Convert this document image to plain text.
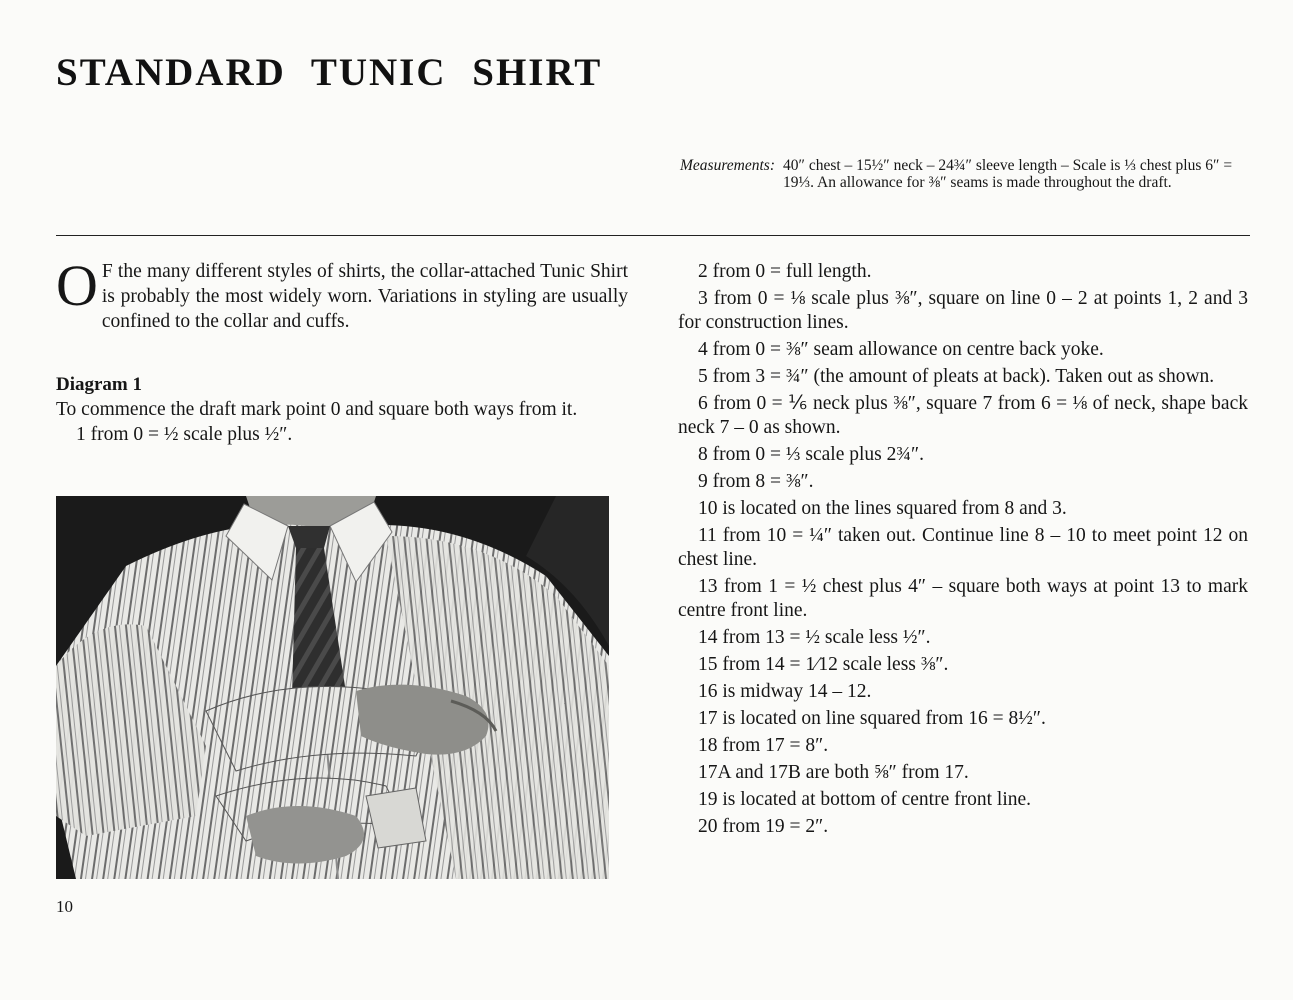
STANDARD TUNIC SHIRT
Measurements: 40″ chest – 15½″ neck – 24¾″ sleeve length – Scale is ⅓ chest plus 6″ = 19⅓. An allowance for ⅜″ seams is made throughout the draft.

O F the many different styles of shirts, the collar-attached Tunic Shirt is probably the most widely worn. Variations in styling are usually confined to the collar and cuffs.

Diagram 1

To commence the draft mark point 0 and square both ways from it.

1 from 0 = ½ scale plus ½″.

2 from 0 = full length.

3 from 0 = ⅛ scale plus ⅜″, square on line 0 – 2 at points 1, 2 and 3 for construction lines.

4 from 0 = ⅜″ seam allowance on centre back yoke.

5 from 3 = ¾″ (the amount of pleats at back). Taken out as shown.

6 from 0 = ⅙ neck plus ⅜″, square 7 from 6 = ⅛ of neck, shape back neck 7 – 0 as shown.

8 from 0 = ⅓ scale plus 2¾″.

9 from 8 = ⅜″.

10 is located on the lines squared from 8 and 3.

11 from 10 = ¼″ taken out. Continue line 8 – 10 to meet point 12 on chest line.

13 from 1 = ½ chest plus 4″ – square both ways at point 13 to mark centre front line.

14 from 13 = ½ scale less ½″.

15 from 14 = 1⁄12 scale less ⅜″.

16 is midway 14 – 12.

17 is located on line squared from 16 = 8½″.

18 from 17 = 8″.

17A and 17B are both ⅝″ from 17.

19 is located at bottom of centre front line.

20 from 19 = 2″.

10
